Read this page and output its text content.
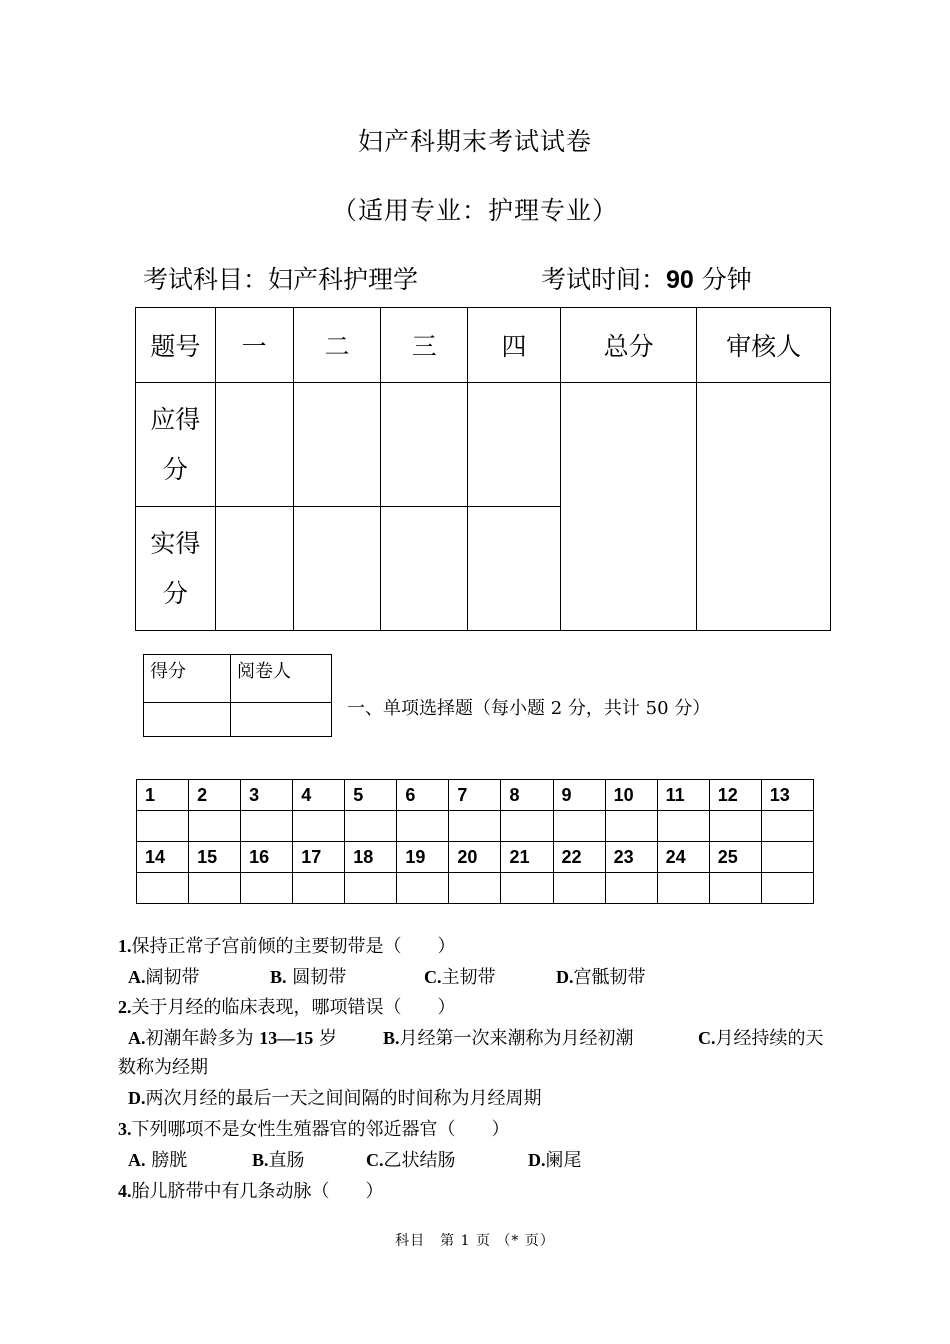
妇产科期末考试试卷
（适用专业：护理专业）
考试科目：妇产科护理学	考试时间：90 分钟
题号	一	二	三	四	总分	审核人

应得
分						

实得
分						

得分	阅卷人

一、单项选择题（每小题 2 分，共计 50 分）
1	2	3	4	5	6	7	8	9	10	11	12	13

14	15	16	17	18	19	20	21	22	23	24	25	

1.保持正常子宫前倾的主要韧带是（　　）
A.阔韧带	B. 圆韧带	C.主韧带	D.宫骶韧带
2.关于月经的临床表现，哪项错误（　　）
A.初潮年龄多为 13—15 岁	B.月经第一次来潮称为月经初潮	C.月经持续的天
数称为经期
D.两次月经的最后一天之间间隔的时间称为月经周期
3.下列哪项不是女性生殖器官的邻近器官（　　）
A. 膀胱	B.直肠	C.乙状结肠	D.阑尾
4.胎儿脐带中有几条动脉（　　）
科目　第 1 页 （* 页）
